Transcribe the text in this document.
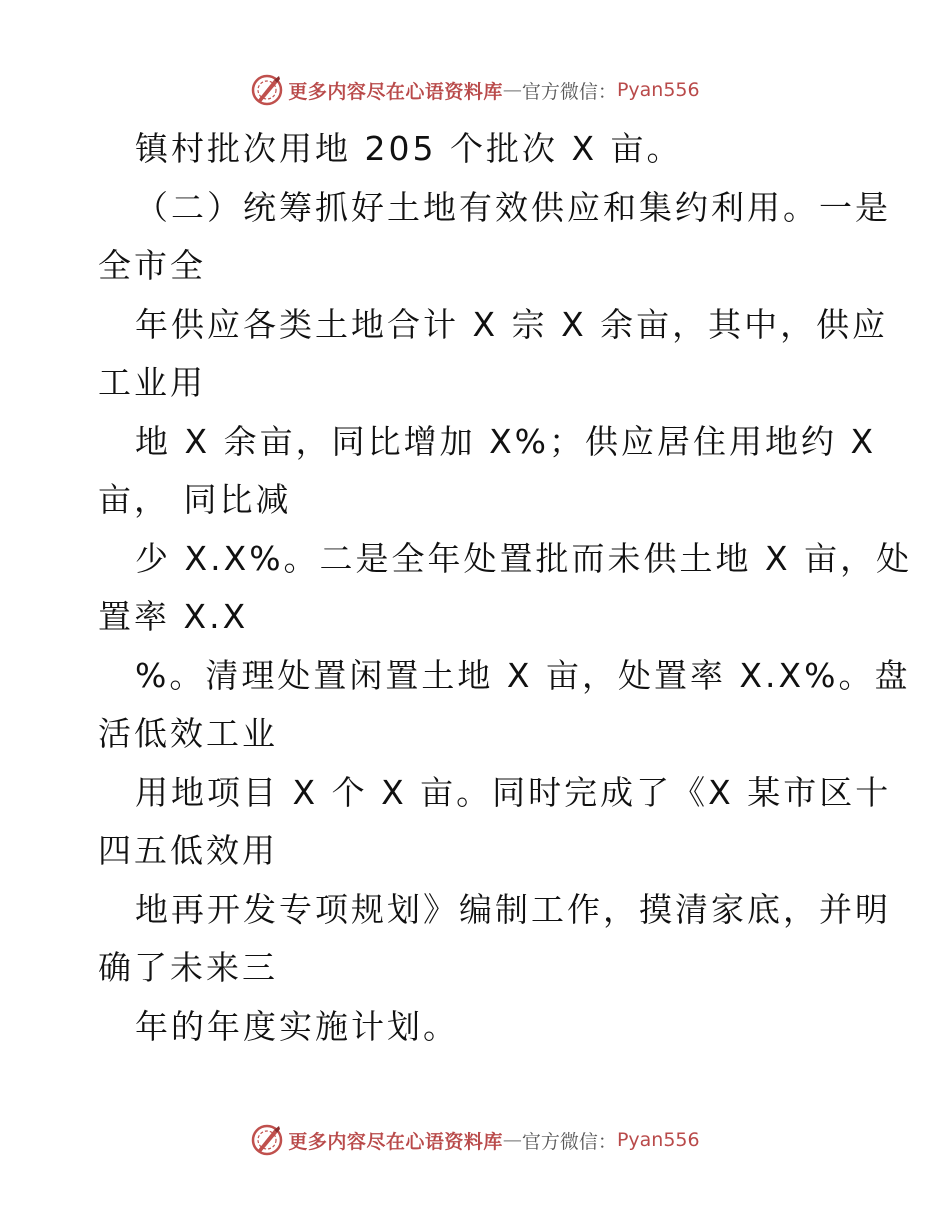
更多内容尽在心语资料库 — 官方微信： Pyan556
镇村批次用地 205 个批次 X 亩。
（二）统筹抓好土地有效供应和集约利用。一是
全市全
年供应各类土地合计 X 宗 X 余亩，其中，供应
工业用
地 X 余亩，同比增加 X%；供应居住用地约 X
亩， 同比减
少 X.X%。二是全年处置批而未供土地 X 亩，处
置率 X.X
%。清理处置闲置土地 X 亩，处置率 X.X%。盘
活低效工业
用地项目 X 个 X 亩。同时完成了《X 某市区十
四五低效用
地再开发专项规划》编制工作，摸清家底，并明
确了未来三
年的年度实施计划。
更多内容尽在心语资料库 — 官方微信： Pyan556
